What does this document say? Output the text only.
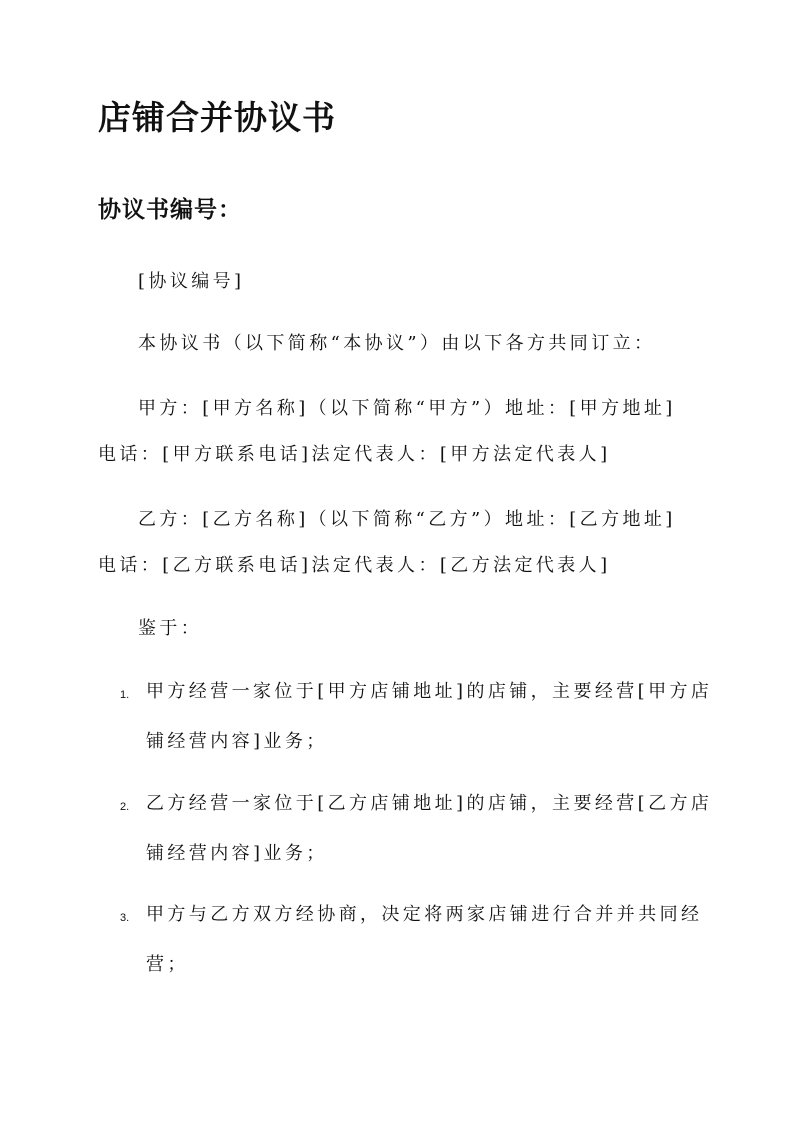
店铺合并协议书
协议书编号：

[协议编号]

本协议书（以下简称“本协议”）由以下各方共同订立：

甲方：[甲方名称]（以下简称“甲方”）地址：[甲方地址]

电话：[甲方联系电话]法定代表人：[甲方法定代表人]

乙方：[乙方名称]（以下简称“乙方”）地址：[乙方地址]

电话：[乙方联系电话]法定代表人：[乙方法定代表人]

鉴于：

1. 甲方经营一家位于[甲方店铺地址]的店铺，主要经营[甲方店

铺经营内容]业务；

2. 乙方经营一家位于[乙方店铺地址]的店铺，主要经营[乙方店

铺经营内容]业务；

3. 甲方与乙方双方经协商，决定将两家店铺进行合并并共同经

营；
